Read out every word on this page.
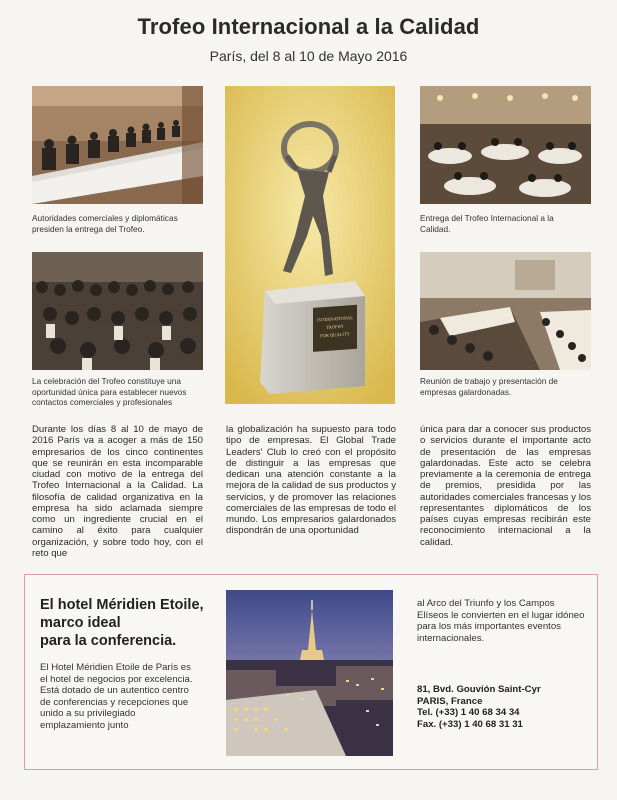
Trofeo Internacional a la Calidad
París, del 8 al 10 de Mayo 2016
Autoridades comerciales y diplomáticas
presiden la entrega del Trofeo.
INTERNATIONAL
TROPHY
FOR QUALITY
Entrega del Trofeo Internacional a la
Calidad.
La celebración del Trofeo constituye una
oportunidad única para establecer nuevos
contactos comerciales y profesionales
Reunión de trabajo y presentación de
empresas galardonadas.
Durante los días 8 al 10 de mayo de 2016 París va a acoger a más de 150 empresarios de los cinco continentes que se reunirán en esta incomparable ciudad con motivo de la entrega del Trofeo Internacional a la Calidad. La filosofía de calidad organizativa en la empresa ha sido aclamada siempre como un ingrediente crucial en el camino al éxito para cualquier organización, y sobre todo hoy, con el reto que
la globalización ha supuesto para todo tipo de empresas. El Global Trade Leaders' Club lo creó con el propósito de distinguir a las empresas que dedican una atención constante a la mejora de la calidad de sus productos y servicios, y de promover las relaciones comerciales de las empresas de todo el mundo. Los empresarios galardonados dispondrán de una oportunidad
única para dar a conocer sus productos o servicios durante el importante acto de presentación de las empresas galardonadas. Este acto se celebra previamente a la ceremonia de entrega de premios, presidida por las autoridades comerciales francesas y los representantes diplomáticos de los países cuyas empresas recibirán este reconocimiento internacional a la calidad.
El hotel Méridien Etoile,
marco ideal
para la conferencia.
El Hotel Méridien Etoile de París es el hotel de negocios por excelencia. Está dotado de un autentico centro de conferencias y recepciones que unido a su privilegiado emplazamiento junto
al Arco del Triunfo y los Campos Elíseos le convierten en el lugar idóneo para los más importantes eventos internacionales.
81, Bvd. Gouvión Saint-Cyr
PARIS, France
Tel. (+33) 1 40 68 34 34
Fax. (+33) 1 40 68 31 31
